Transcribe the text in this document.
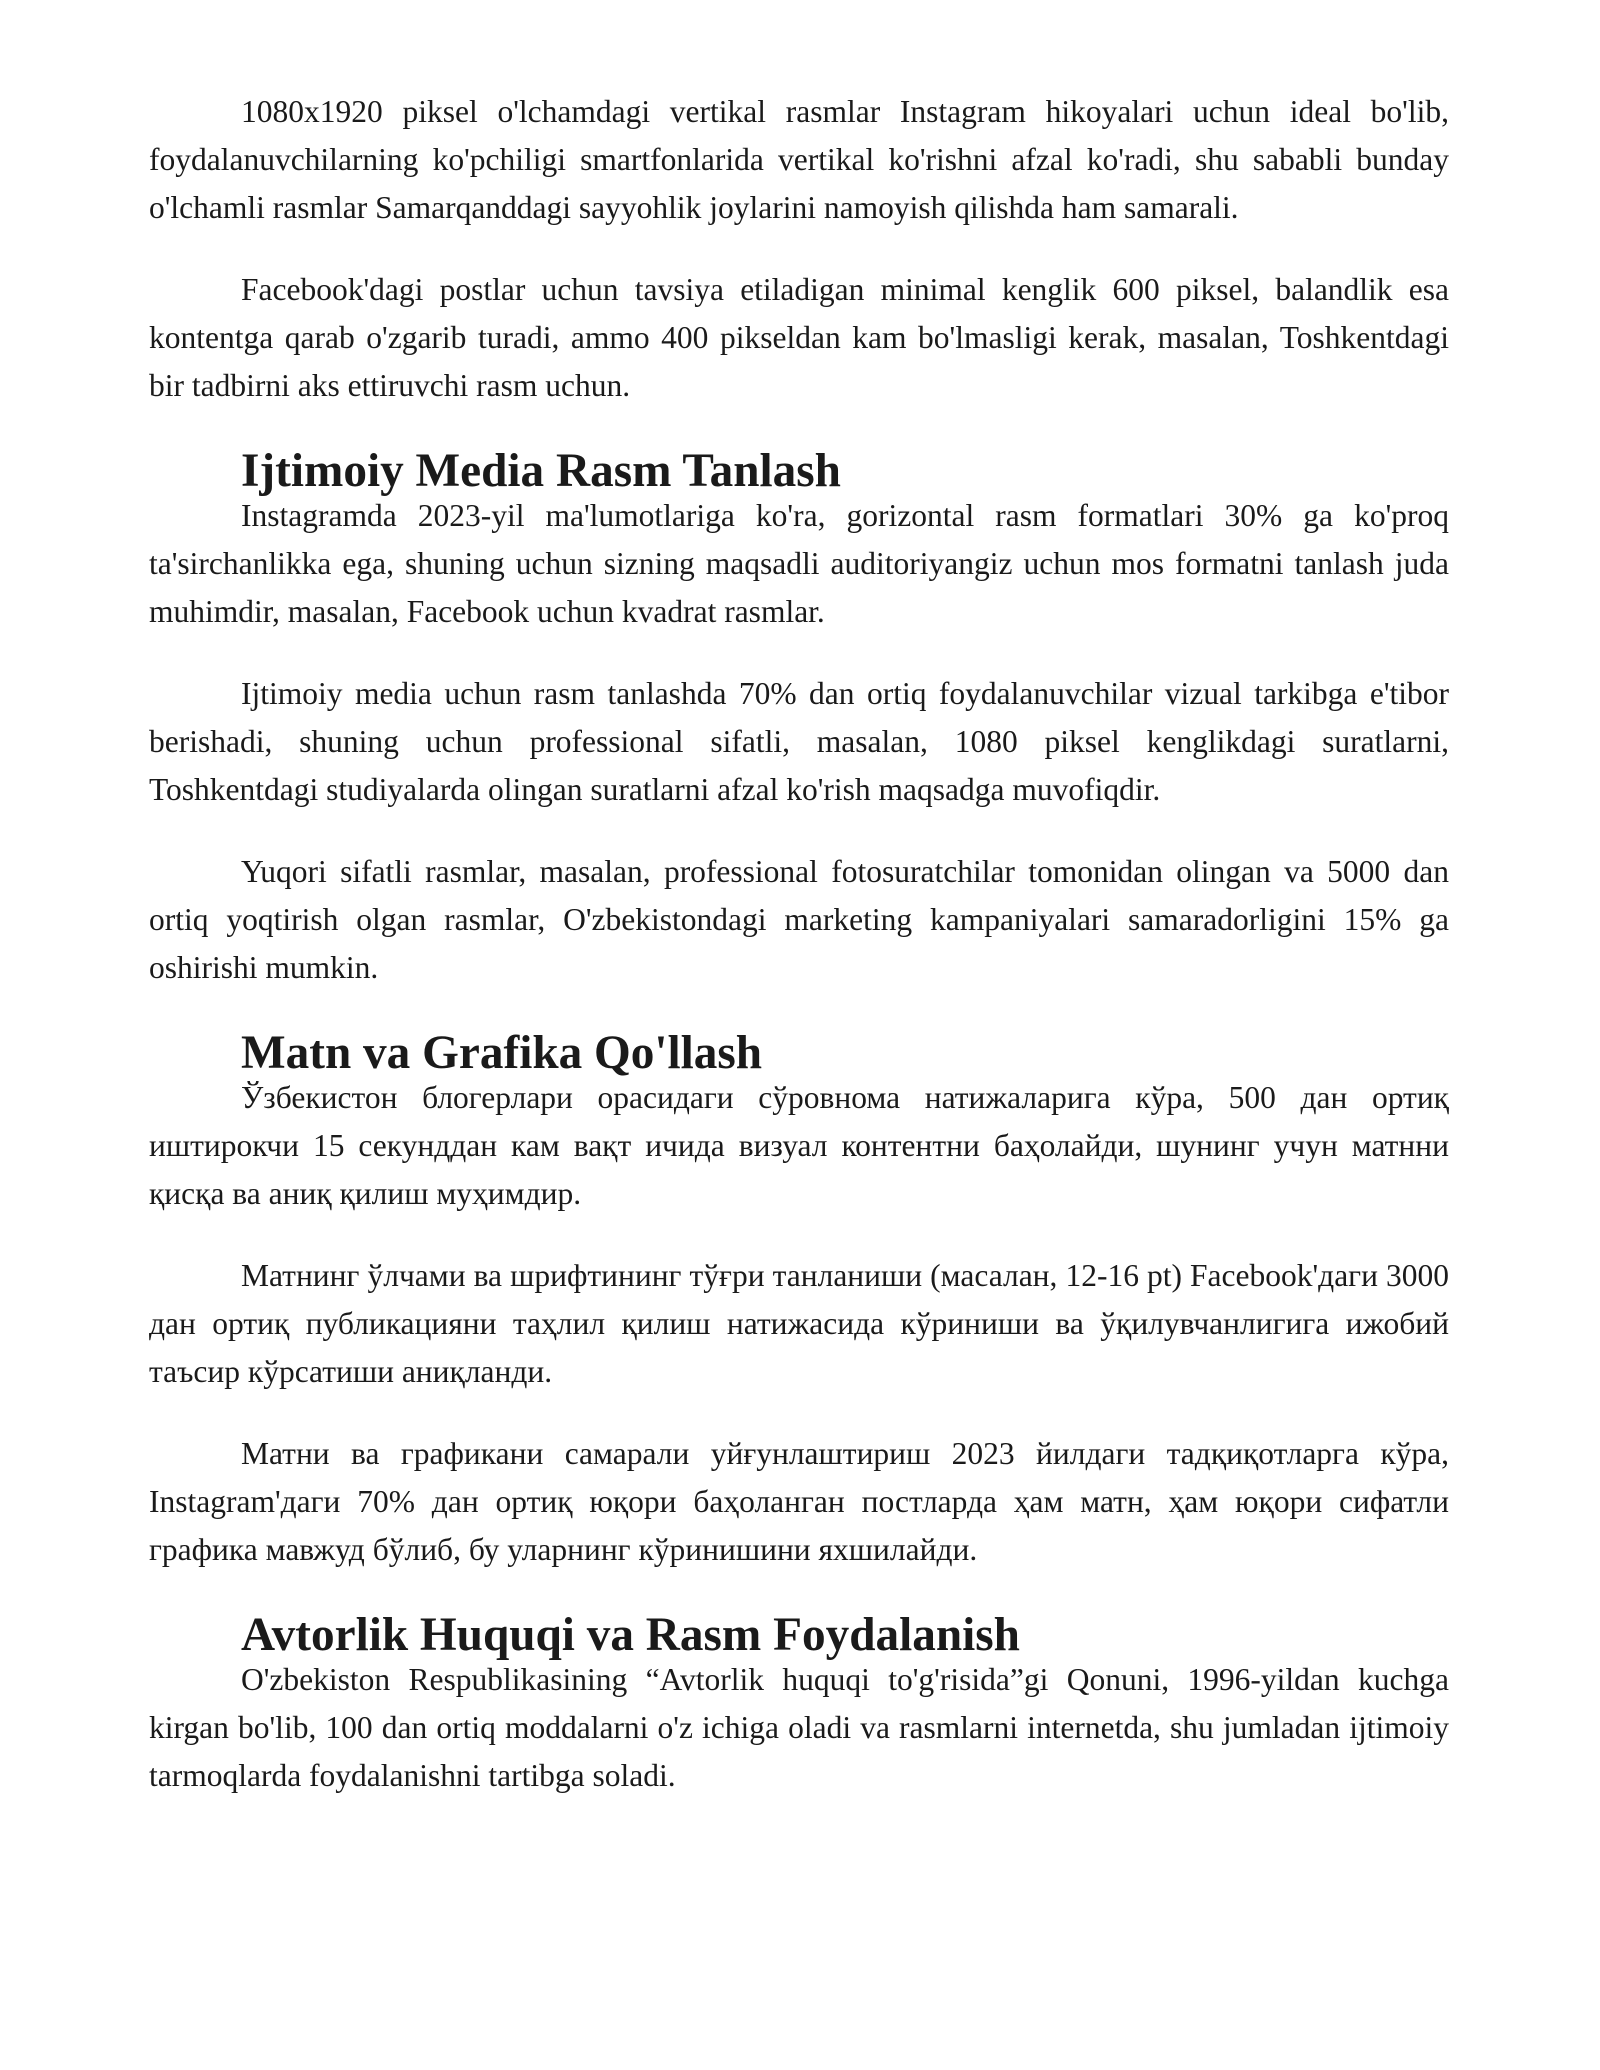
1080x1920 piksel o'lchamdagi vertikal rasmlar Instagram hikoyalari uchun ideal bo'lib, foydalanuvchilarning ko'pchiligi smartfonlarida vertikal ko'rishni afzal ko'radi, shu sababli bunday o'lchamli rasmlar Samarqanddagi sayyohlik joylarini namoyish qilishda ham samarali.

Facebook'dagi postlar uchun tavsiya etiladigan minimal kenglik 600 piksel, balandlik esa kontentga qarab o'zgarib turadi, ammo 400 pikseldan kam bo'lmasligi kerak, masalan, Toshkentdagi bir tadbirni aks ettiruvchi rasm uchun.

Ijtimoiy Media Rasm Tanlash

Instagramda 2023-yil ma'lumotlariga ko'ra, gorizontal rasm formatlari 30% ga ko'proq ta'sirchanlikka ega, shuning uchun sizning maqsadli auditoriyangiz uchun mos formatni tanlash juda muhimdir, masalan, Facebook uchun kvadrat rasmlar.

Ijtimoiy media uchun rasm tanlashda 70% dan ortiq foydalanuvchilar vizual tarkibga e'tibor berishadi, shuning uchun professional sifatli, masalan, 1080 piksel kenglikdagi suratlarni, Toshkentdagi studiyalarda olingan suratlarni afzal ko'rish maqsadga muvofiqdir.

Yuqori sifatli rasmlar, masalan, professional fotosuratchilar tomonidan olingan va 5000 dan ortiq yoqtirish olgan rasmlar, O'zbekistondagi marketing kampaniyalari samaradorligini 15% ga oshirishi mumkin.

Matn va Grafika Qo'llash

Ўзбекистон блогерлари орасидаги сўровнома натижаларига кўра, 500 дан ортиқ иштирокчи 15 секунддан кам вақт ичида визуал контентни баҳолайди, шунинг учун матнни қисқа ва аниқ қилиш муҳимдир.

Матнинг ўлчами ва шрифтининг тўғри танланиши (масалан, 12-16 pt) Facebook'даги 3000 дан ортиқ публикацияни таҳлил қилиш натижасида кўриниши ва ўқилувчанлигига ижобий таъсир кўрсатиши аниқланди.

Матни ва графикани самарали уйғунлаштириш 2023 йилдаги тадқиқотларга кўра, Instagram'даги 70% дан ортиқ юқори баҳоланган постларда ҳам матн, ҳам юқори сифатли графика мавжуд бўлиб, бу уларнинг кўринишини яхшилайди.

Avtorlik Huquqi va Rasm Foydalanish

O'zbekiston Respublikasining “Avtorlik huquqi to'g'risida”gi Qonuni, 1996-yildan kuchga kirgan bo'lib, 100 dan ortiq moddalarni o'z ichiga oladi va rasmlarni internetda, shu jumladan ijtimoiy tarmoqlarda foydalanishni tartibga soladi.
